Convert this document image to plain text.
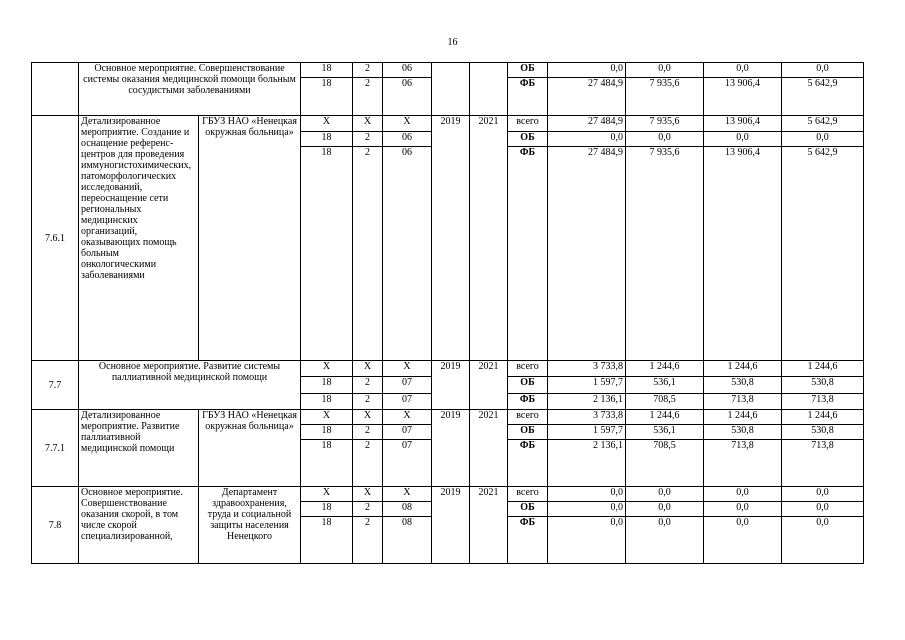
16
	Основное мероприятие. Совершенствование системы оказания медицинской помощи больным сосудистыми заболеваниями		18	2	06			ОБ	0,0	0,0	0,0	0,0
			18	2	06			ФБ	27 484,9	7 935,6	13 906,4	5 642,9
7.6.1	Детализированное мероприятие. Создание и оснащение референс-центров для проведения иммуногистохимических, патоморфологических исследований, переоснащение сети региональных медицинских организаций, оказывающих помощь больным онкологическими заболеваниями	ГБУЗ НАО «Ненецкая окружная больница»	Х	Х	Х	2019	2021	всего	27 484,9	7 935,6	13 906,4	5 642,9
			18	2	06			ОБ	0,0	0,0	0,0	0,0
			18	2	06			ФБ	27 484,9	7 935,6	13 906,4	5 642,9
7.7	Основное мероприятие. Развитие системы паллиативной медицинской помощи		Х	Х	Х	2019	2021	всего	3 733,8	1 244,6	1 244,6	1 244,6
			18	2	07			ОБ	1 597,7	536,1	530,8	530,8
			18	2	07			ФБ	2 136,1	708,5	713,8	713,8
7.7.1	Детализированное мероприятие. Развитие паллиативной медицинской помощи	ГБУЗ НАО «Ненецкая окружная больница»	Х	Х	Х	2019	2021	всего	3 733,8	1 244,6	1 244,6	1 244,6
			18	2	07			ОБ	1 597,7	536,1	530,8	530,8
			18	2	07			ФБ	2 136,1	708,5	713,8	713,8
7.8	Основное мероприятие. Совершенствование оказания скорой, в том числе скорой специализированной,	Департамент здравоохранения, труда и социальной защиты населения Ненецкого	Х	Х	Х	2019	2021	всего	0,0	0,0	0,0	0,0
			18	2	08			ОБ	0,0	0,0	0,0	0,0
			18	2	08			ФБ	0,0	0,0	0,0	0,0
